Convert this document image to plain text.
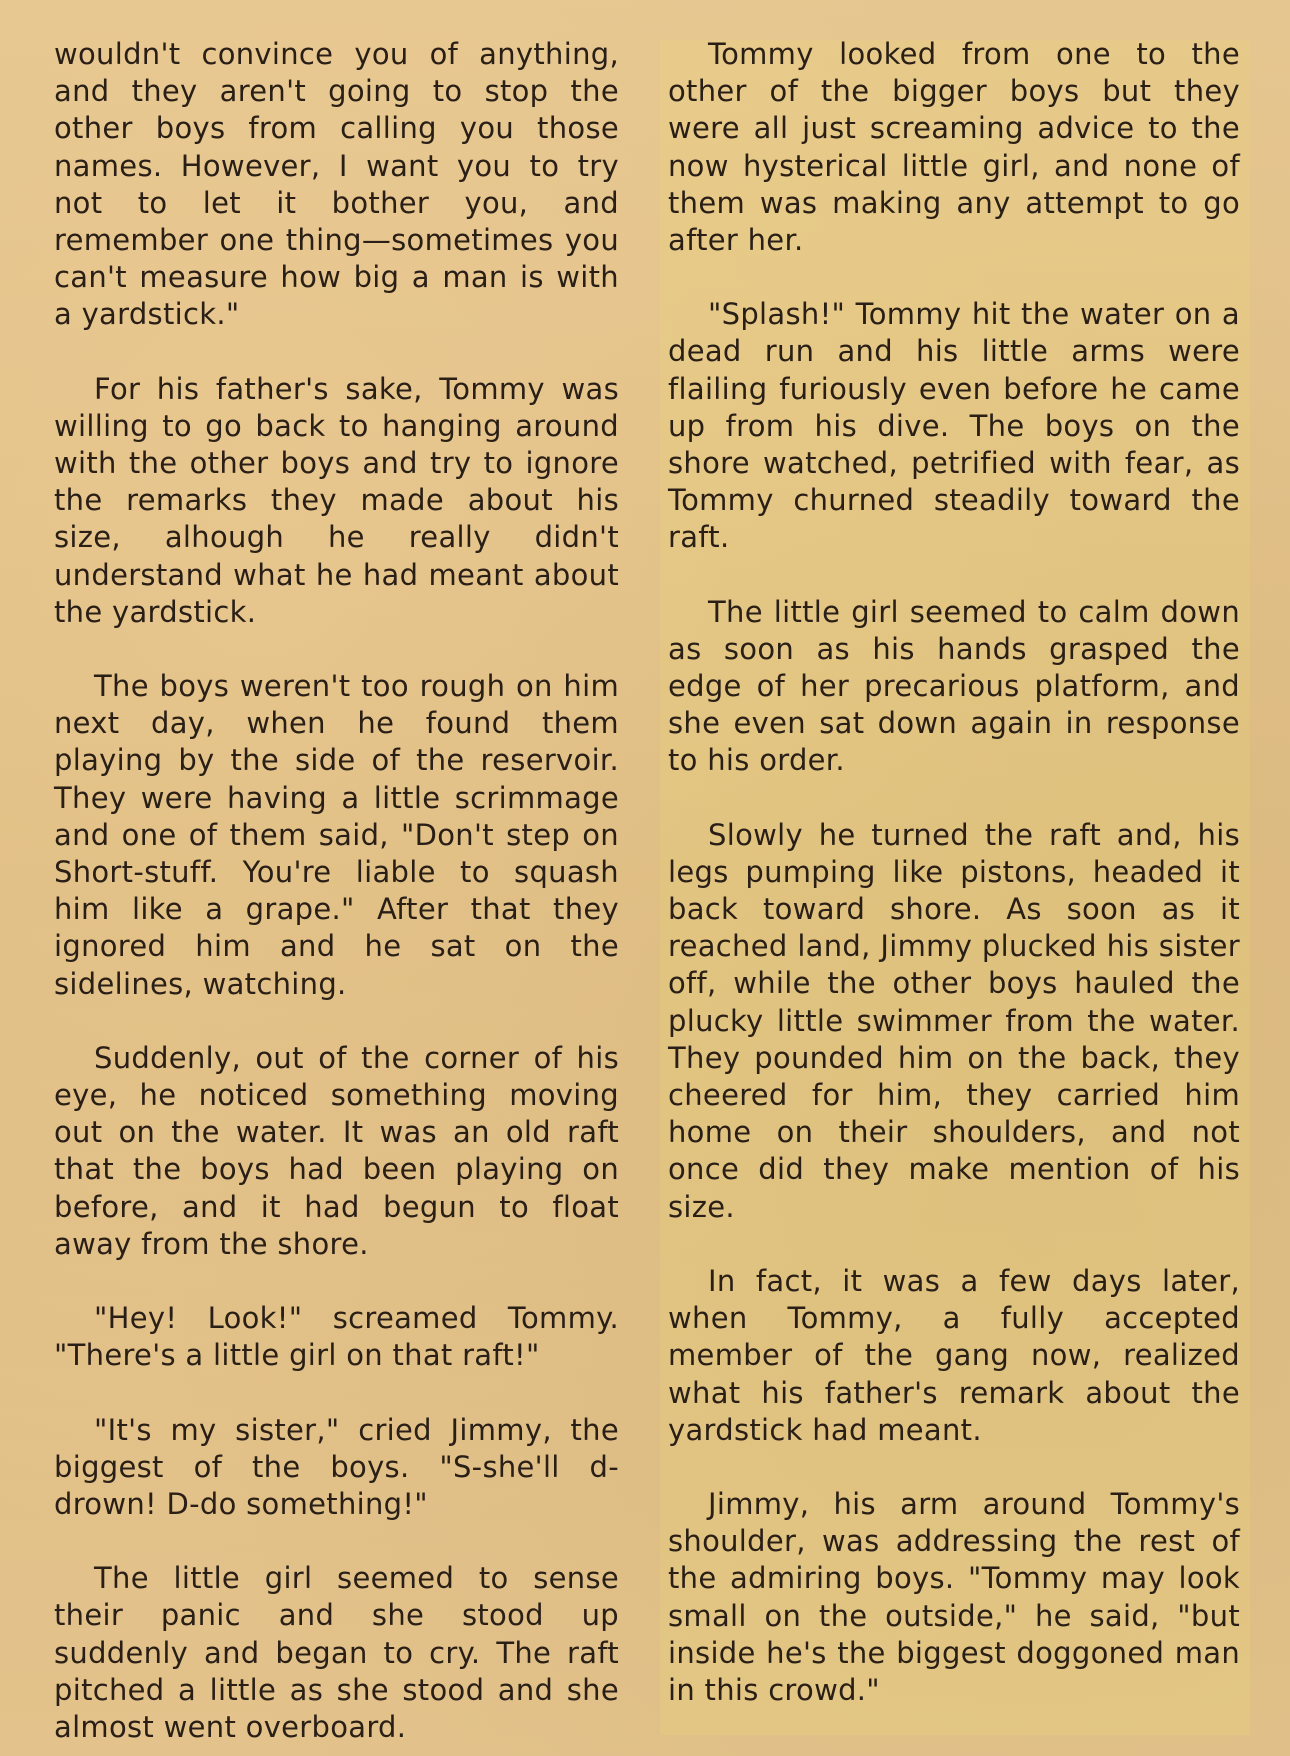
wouldn't convince you of anything, and they aren't going to stop the other boys from calling you those names. However, I want you to try not to let it bother you, and remember one thing—sometimes you can't measure how big a man is with a yardstick."

For his father's sake, Tommy was willing to go back to hanging around with the other boys and try to ignore the remarks they made about his size, alhough he really didn't understand what he had meant about the yardstick.

The boys weren't too rough on him next day, when he found them playing by the side of the reservoir. They were having a little scrimmage and one of them said, "Don't step on Short-stuff. You're liable to squash him like a grape." After that they ignored him and he sat on the sidelines, watching.

Suddenly, out of the corner of his eye, he noticed something moving out on the water. It was an old raft that the boys had been playing on before, and it had begun to float away from the shore.

"Hey! Look!" screamed Tommy. "There's a little girl on that raft!"

"It's my sister," cried Jimmy, the biggest of the boys. "S-she'll d-drown! D-do something!"

The little girl seemed to sense their panic and she stood up suddenly and began to cry. The raft pitched a little as she stood and she almost went overboard.

Tommy looked from one to the other of the bigger boys but they were all just screaming advice to the now hysterical little girl, and none of them was making any attempt to go after her.

"Splash!" Tommy hit the water on a dead run and his little arms were flailing furiously even before he came up from his dive. The boys on the shore watched, petrified with fear, as Tommy churned steadily toward the raft.

The little girl seemed to calm down as soon as his hands grasped the edge of her precarious platform, and she even sat down again in response to his order.

Slowly he turned the raft and, his legs pumping like pistons, headed it back toward shore. As soon as it reached land, Jimmy plucked his sister off, while the other boys hauled the plucky little swimmer from the water. They pounded him on the back, they cheered for him, they carried him home on their shoulders, and not once did they make mention of his size.

In fact, it was a few days later, when Tommy, a fully accepted member of the gang now, realized what his father's remark about the yardstick had meant.

Jimmy, his arm around Tommy's shoulder, was addressing the rest of the admiring boys. "Tommy may look small on the outside," he said, "but inside he's the biggest doggoned man in this crowd."
